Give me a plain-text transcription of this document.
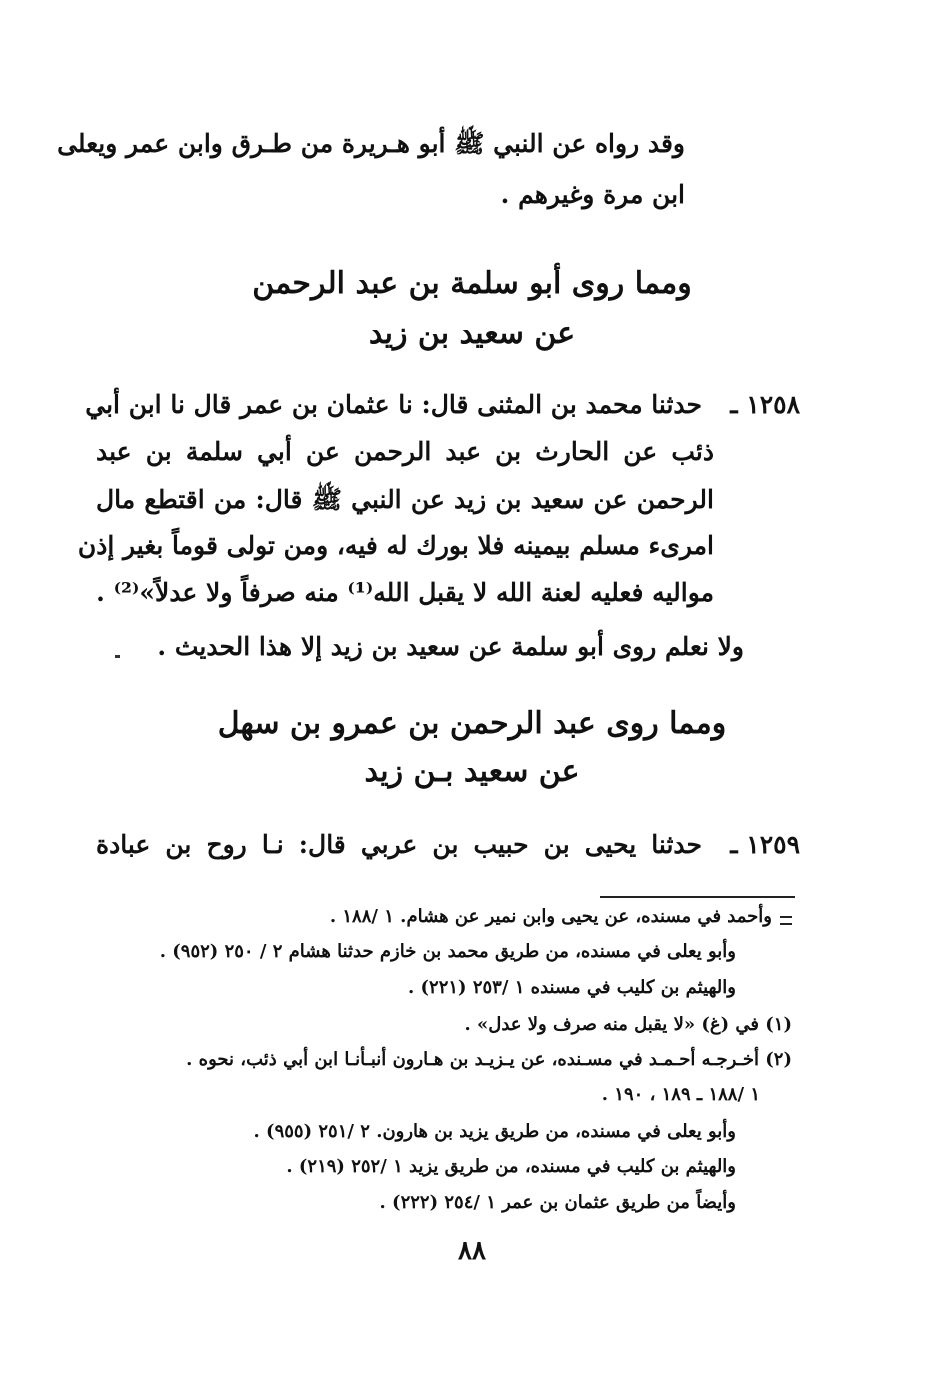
وقد رواه عن النبي ﷺ أبو هـريرة من طـرق وابن عمر ويعلى
ابن مرة وغيرهم .
ومما روى أبو سلمة بن عبد الرحمن
عن سعيد بن زيد
١٢٥٨ ـ
حدثنا محمد بن المثنى قال: نا عثمان بن عمر قال نا ابن أبي
ذئب عن الحارث بن عبد الرحمن عن أبي سلمة بن عبد
الرحمن عن سعيد بن زيد عن النبي ﷺ قال: من اقتطع مال
امرىء مسلم بيمينه فلا بورك له فيه، ومن تولى قوماً بغير إذن
مواليه فعليه لعنة الله لا يقبل الله⁽¹⁾ منه صرفاً ولا عدلاً»⁽²⁾ .
ولا نعلم روى أبو سلمة عن سعيد بن زيد إلا هذا الحديث .
ومما روى عبد الرحمن بن عمرو بن سهل
عن سعيد بـن زيد
١٢٥٩ ـ
حدثنا يحيى بن حبيب بن عربي قال: نـا روح بن عبادة
وأحمد في مسنده، عن يحيى وابن نمير عن هشام. ١ /١٨٨ .
وأبو يعلى في مسنده، من طريق محمد بن خازم حدثنا هشام ٢ / ٢٥٠ (٩٥٢) .
والهيثم بن كليب في مسنده ١ /٢٥٣ (٢٢١) .
(١) في (غ) «لا يقبل منه صرف ولا عدل» .
(٢) أخـرجـه أحـمـد في مسـنده، عن يـزيـد بن هـارون أنبـأنـا ابن أبي ذئب، نحوه .
١ /١٨٨ ـ ١٨٩ ، ١٩٠ .
وأبو يعلى في مسنده، من طريق يزيد بن هارون. ٢ /٢٥١ (٩٥٥) .
والهيثم بن كليب في مسنده، من طريق يزيد ١ /٢٥٢ (٢١٩) .
وأيضاً من طريق عثمان بن عمر ١ /٢٥٤ (٢٢٢) .
٨٨
